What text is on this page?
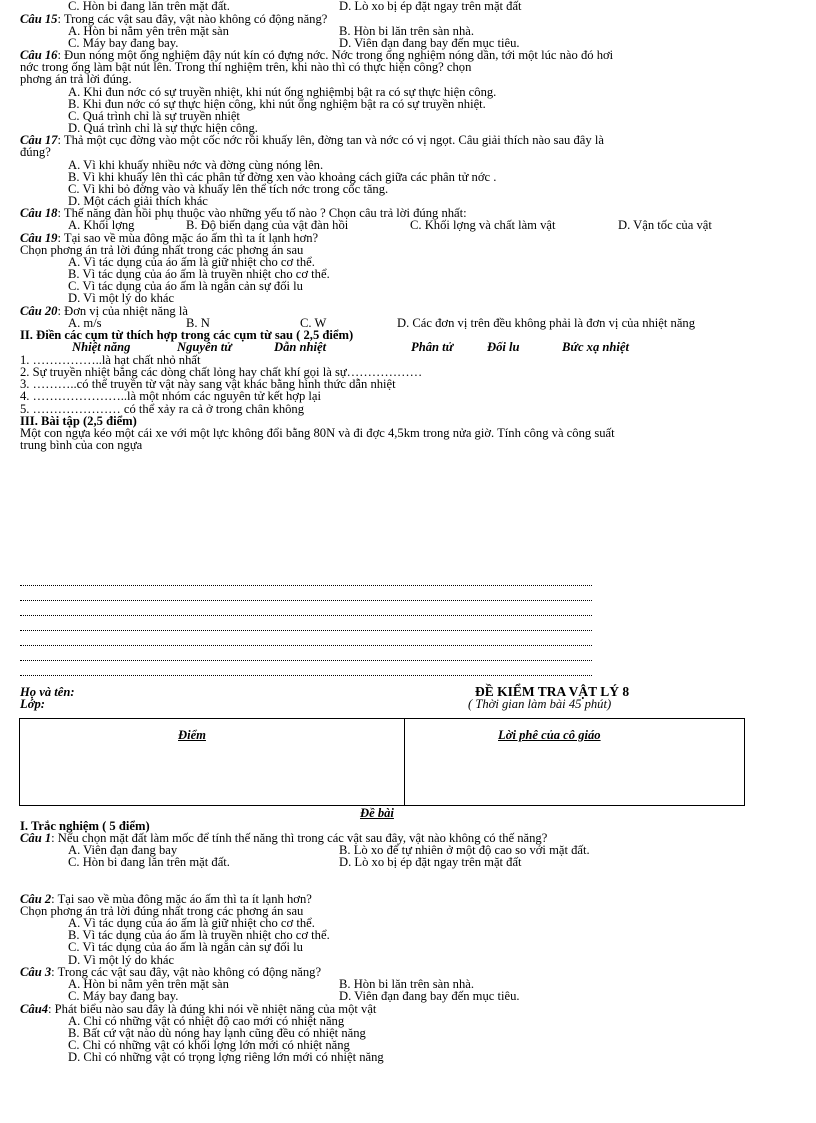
C. Hòn bi đang lăn trên mặt đất.	D. Lò xo bị ép đặt ngay trên mặt đất
Câu 15: Trong các vật sau đây, vật nào không có động năng?
A. Hòn bi nằm yên trên mặt sàn	B. Hòn bi lăn trên sàn nhà.
C. Máy bay đang bay.	D. Viên đạn đang bay đến mục tiêu.
Câu 16: Đun nóng một ống nghiệm đậy nút kín có đựng nớc. Nớc trong ống nghiệm nóng dần, tới một lúc nào đó hơi
nớc trong ống làm bật nút lên. Trong thí nghiệm trên, khi nào thì có thực hiện công? chọn
phơng án trả lời đúng.
A. Khi đun nớc có sự truyền nhiệt, khi nút ống nghiệmbị bật ra có sự thực hiện công.
B. Khi đun nớc có sự thực hiện công, khi nút ống nghiệm bật ra có sự truyền nhiệt.
C. Quá trình chỉ là sự truyền nhiệt
D. Quá trình chỉ là sự thực hiện công.
Câu 17: Thả một cục đờng vào một cốc nớc rồi khuấy lên, đờng tan và nớc có vị ngọt. Câu giải thích nào sau đây là
đúng?
A. Vì khi khuấy nhiều nớc và đờng cùng nóng lên.
B. Vì khi khuấy lên thì các phân tử đờng xen vào khoảng cách giữa các phân tử nớc .
C. Vì khi bỏ đờng vào và khuấy lên thể tích nớc trong cốc tăng.
D. Một cách giải thích khác
Câu 18: Thế năng đàn hồi phụ thuộc vào những yếu tố nào ? Chọn câu trả lời đúng nhất:
A. Khối lợng	B. Độ biến dạng của vật đàn hồi	C. Khối lợng và chất làm vật	D. Vận tốc của vật
Câu 19: Tại sao về mùa đông mặc áo ấm thì ta ít lạnh hơn?
Chọn phơng án trả lời đúng nhất trong các phơng án sau
A. Vì tác dụng của áo ấm là giữ nhiệt cho cơ thể.
B. Vì tác dụng của áo ấm là truyền nhiệt cho cơ thể.
C. Vì tác dụng của áo ấm là ngăn cản sự đối lu
D. Vì một lý do khác
Câu 20: Đơn vị của nhiệt năng là
A. m/s	B. N	C. W	D. Các đơn vị trên đều không phải là đơn vị của nhiệt năng
II. Điền các cụm từ thích hợp trong các cụm từ sau ( 2,5 điểm)
Nhiệt năng	Nguyên tử	Dẫn nhiệt	Phân tử	Đối lu	Bức xạ nhiệt
1. ……………..là hạt chất nhỏ nhất
2. Sự truyền nhiệt bằng các dòng chất lỏng hay chất khí gọi là sự………………
3. ………..có thể truyền từ vật này sang vật khác bằng hình thức dẫn nhiệt
4. …………………..là một nhóm các nguyên tử kết hợp lại
5. ………………… có thể xảy ra cả ở trong chân không
III. Bài tập (2,5 điểm)
Một con ngựa kéo một cái xe với một lực không đổi bằng 80N và đi đợc 4,5km trong nửa giờ. Tính công và công suất
trung bình của con ngựa
Họ và tên:
Lớp:
ĐỀ KIỂM TRA VẬT LÝ 8
( Thời gian làm bài 45 phút)
Điểm	Lời phê của cô giáo
Đề bài
I. Trắc nghiệm ( 5 điểm)
Câu 1: Nếu chọn mặt đất làm mốc để tính thế năng thì trong các vật sau đây, vật nào không có thế năng?
A. Viên đạn đang bay	B. Lò xo để tự nhiên ở một độ cao so với mặt đất.
C. Hòn bi đang lăn trên mặt đất.	D. Lò xo bị ép đặt ngay trên mặt đất
Câu 2: Tại sao về mùa đông mặc áo ấm thì ta ít lạnh hơn?
Chọn phơng án trả lời đúng nhất trong các phơng án sau
A. Vì tác dụng của áo ấm là giữ nhiệt cho cơ thể.
B. Vì tác dụng của áo ấm là truyền nhiệt cho cơ thể.
C. Vì tác dụng của áo ấm là ngăn cản sự đối lu
D. Vì một lý do khác
Câu 3: Trong các vật sau đây, vật nào không có động năng?
A. Hòn bi nằm yên trên mặt sàn	B. Hòn bi lăn trên sàn nhà.
C. Máy bay đang bay.	D. Viên đạn đang bay đến mục tiêu.
Câu4: Phát biểu nào sau đây là đúng khi nói về nhiệt năng của một vật
A. Chỉ có những vật có nhiệt độ cao mới có nhiệt năng
B. Bất cứ vật nào dù nóng hay lạnh cũng đều có nhiệt năng
C. Chỉ có những vật có khối lợng lớn mới có nhiệt năng
D. Chỉ có những vật có trọng lợng riêng lớn mới có nhiệt năng
